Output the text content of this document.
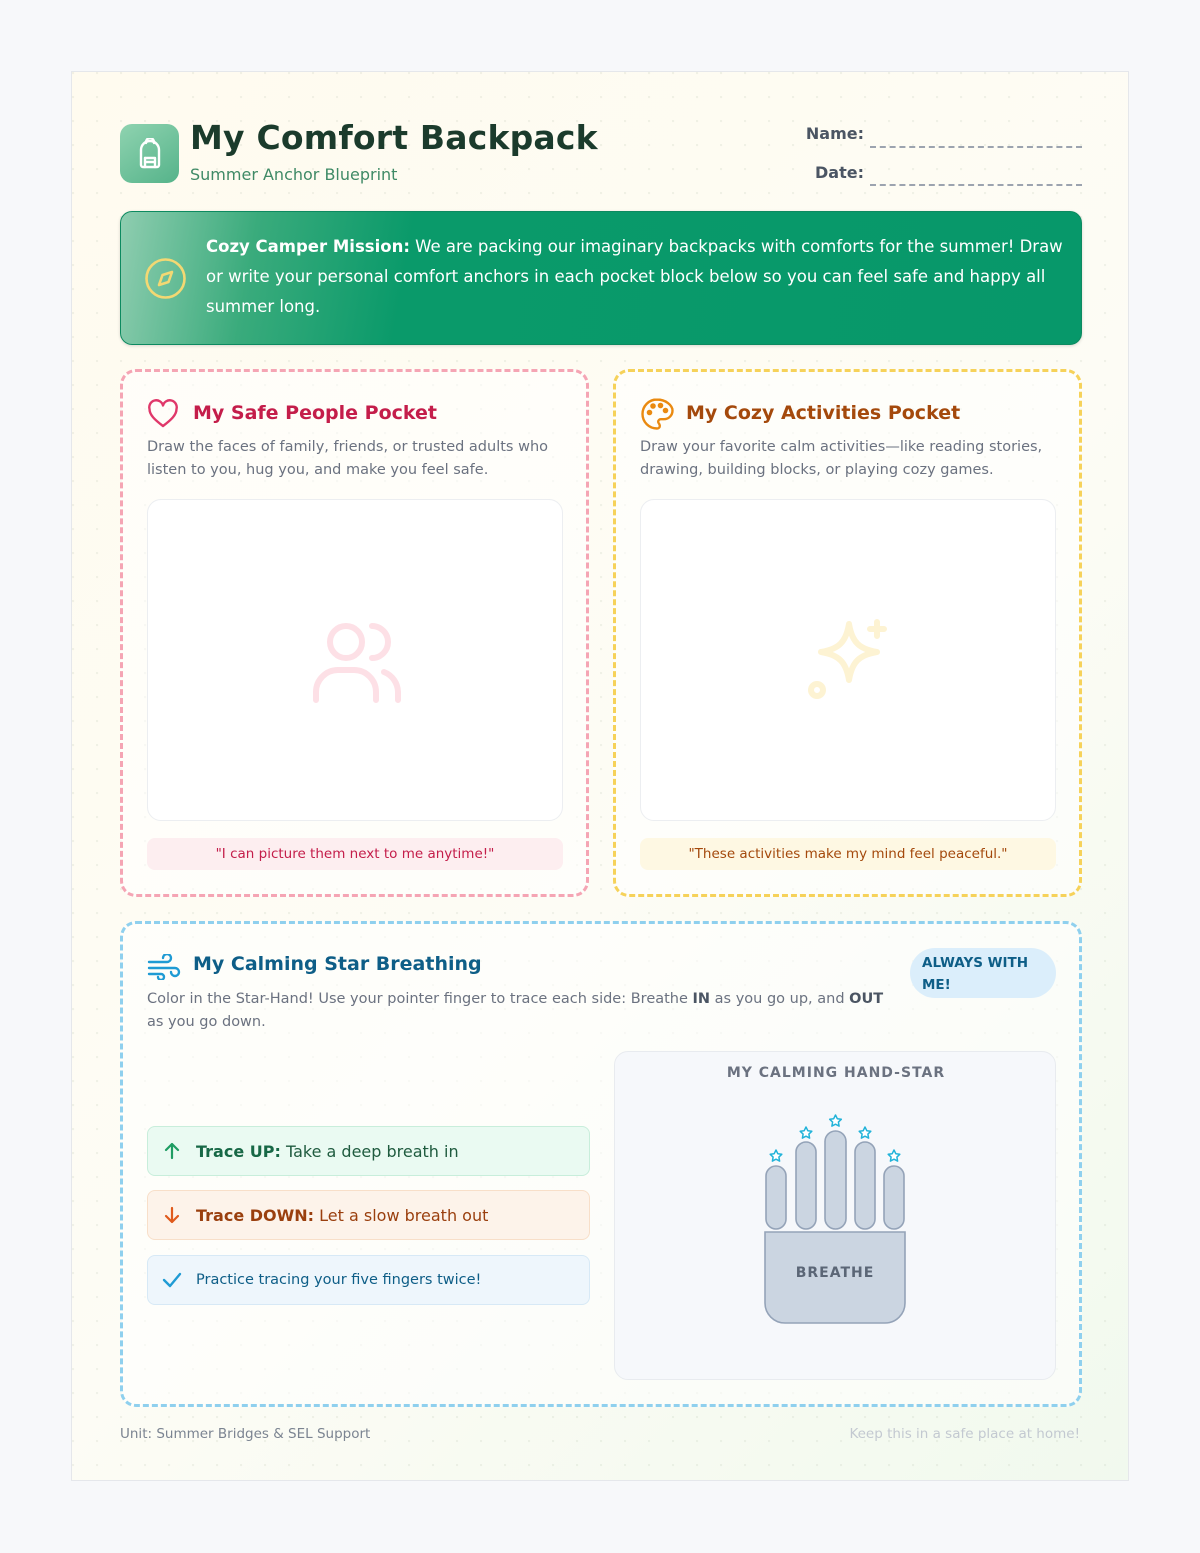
My Comfort Backpack
Summer Anchor Blueprint
Name:
Date:
Cozy Camper Mission: We are packing our imaginary backpacks with comforts for the summer! Draw or write your personal comfort anchors in each pocket block below so you can feel safe and happy all summer long.
My Safe People Pocket
Draw the faces of family, friends, or trusted adults who listen to you, hug you, and make you feel safe.
"I can picture them next to me anytime!"
My Cozy Activities Pocket
Draw your favorite calm activities—like reading stories, drawing, building blocks, or playing cozy games.
"These activities make my mind feel peaceful."
My Calming Star Breathing
Color in the Star-Hand! Use your pointer finger to trace each side: Breathe IN as you go up, and OUT as you go down.
ALWAYS WITH ME!
Trace UP: Take a deep breath in
Trace DOWN: Let a slow breath out
Practice tracing your five fingers twice!
MY CALMING HAND-STAR
BREATHE
Unit: Summer Bridges & SEL Support	Keep this in a safe place at home!
